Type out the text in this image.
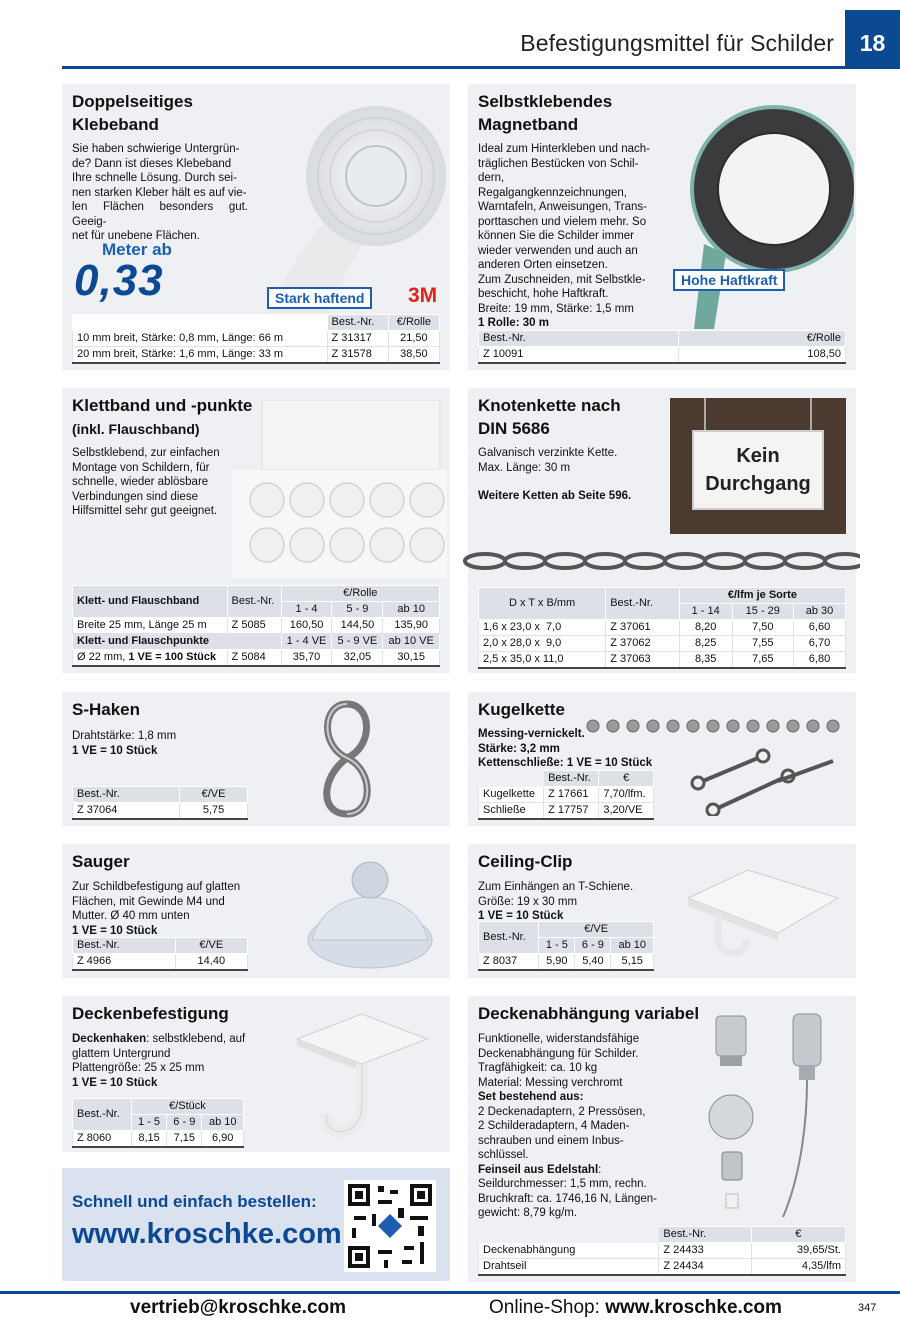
Befestigungsmittel für Schilder	18
Doppelseitiges
Klebeband
Sie haben schwierige Untergrün-
de? Dann ist dieses Klebeband
Ihre schnelle Lösung. Durch sei-
nen starken Kleber hält es auf vie-
len Flächen besonders gut. Geeig-
net für unebene Flächen.
Meter ab
0,33	Stark haftend	3M
	Best.-Nr.	€/Rolle
10 mm breit, Stärke: 0,8 mm, Länge: 66 m	Z 31317	21,50
20 mm breit, Stärke: 1,6 mm, Länge: 33 m	Z 31578	38,50
Selbstklebendes
Magnetband
Ideal zum Hinterkleben und nach-
träglichen Bestücken von Schil-
dern, Regalgangkennzeichnungen,
Warntafeln, Anweisungen, Trans-
porttaschen und vielem mehr. So
können Sie die Schilder immer
wieder verwenden und auch an
anderen Orten einsetzen.
Zum Zuschneiden, mit Selbstkle-
beschicht, hohe Haftkraft.
Breite: 19 mm, Stärke: 1,5 mm
1 Rolle: 30 m
Hohe Haftkraft
Best.-Nr.	€/Rolle
Z 10091	108,50
Klettband und -punkte
(inkl. Flauschband)
Selbstklebend, zur einfachen
Montage von Schildern, für
schnelle, wieder ablösbare
Verbindungen sind diese
Hilfsmittel sehr gut geeignet.
Klett- und Flauschband	Best.-Nr.	€/Rolle		
		1 - 4	5 - 9	ab 10
Breite 25 mm, Länge 25 m	Z 5085	160,50	144,50	135,90
Klett- und Flauschpunkte		1 - 4 VE	5 - 9 VE	ab 10 VE
Ø 22 mm, 1 VE = 100 Stück	Z 5084	35,70	32,05	30,15
Knotenkette nach
DIN 5686
Galvanisch verzinkte Kette.
Max. Länge: 30 m
Weitere Ketten ab Seite 596.
Kein
Durchgang
D x T x B/mm	Best.-Nr.	€/lfm je Sorte		
		1 - 14	15 - 29	ab 30
1,6 x 23,0 x  7,0	Z 37061	8,20	7,50	6,60
2,0 x 28,0 x  9,0	Z 37062	8,25	7,55	6,70
2,5 x 35,0 x 11,0	Z 37063	8,35	7,65	6,80
S-Haken
Drahtstärke: 1,8 mm
1 VE = 10 Stück
Best.-Nr.	€/VE
Z 37064	5,75
Kugelkette
Messing-vernickelt.
Stärke: 3,2 mm
Kettenschließe: 1 VE = 10 Stück
	Best.-Nr.	€
Kugelkette	Z 17661	7,70/lfm.
Schließe	Z 17757	3,20/VE
Sauger
Zur Schildbefestigung auf glatten
Flächen, mit Gewinde M4 und
Mutter. Ø 40 mm unten
1 VE = 10 Stück
Best.-Nr.	€/VE
Z 4966	14,40
Ceiling-Clip
Zum Einhängen an T-Schiene.
Größe: 19 x 30 mm
1 VE = 10 Stück
Best.-Nr.	€/VE		
	1 - 5	6 - 9	ab 10
Z 8037	5,90	5,40	5,15
Deckenbefestigung
Deckenhaken: selbstklebend, auf
glattem Untergrund
Plattengröße: 25 x 25 mm
1 VE = 10 Stück
Best.-Nr.	€/Stück		
	1 - 5	6 - 9	ab 10
Z 8060	8,15	7,15	6,90
Deckenabhängung variabel
Funktionelle, widerstandsfähige
Deckenabhängung für Schilder.
Tragfähigkeit: ca. 10 kg
Material: Messing verchromt
Set bestehend aus:
2 Deckenadaptern, 2 Pressösen,
2 Schilderadaptern, 4 Maden-
schrauben und einem Inbus-
schlüssel.
Feinseil aus Edelstahl:
Seildurchmesser: 1,5 mm, rechn.
Bruchkraft: ca. 1746,16 N, Längen-
gewicht: 8,79 kg/m.
	Best.-Nr.	€
Deckenabhängung	Z 24433	39,65/St.
Drahtseil	Z 24434	4,35/lfm
Schnell und einfach bestellen:
www.kroschke.com
vertrieb@kroschke.com	Online-Shop: www.kroschke.com	347
